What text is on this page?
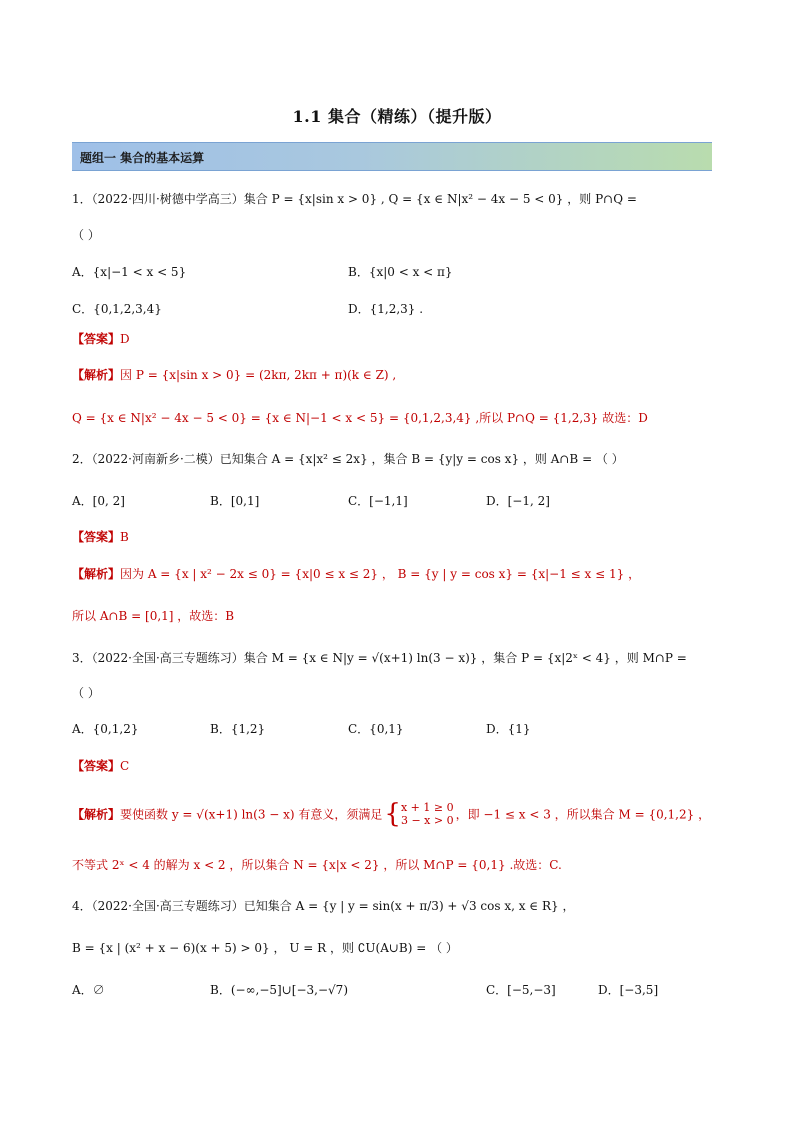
1.1 集合（精练）（提升版）
题组一 集合的基本运算
1．（2022·四川·树德中学高三）集合 P = {x|sin x > 0} , Q = {x ∈ N|x² − 4x − 5 < 0} ，则 P∩Q =
（ ）
A．{x|−1 < x < 5}	B．{x|0 < x < π}
C．{0,1,2,3,4}	D．{1,2,3} .
【答案】D
【解析】因 P = {x|sin x > 0} = (2kπ, 2kπ + π)(k ∈ Z) ,
Q = {x ∈ N|x² − 4x − 5 < 0} = {x ∈ N|−1 < x < 5} = {0,1,2,3,4} ,所以 P∩Q = {1,2,3} 故选：D
2．（2022·河南新乡·二模）已知集合 A = {x|x² ≤ 2x} ，集合 B = {y|y = cos x} ，则 A∩B = （ ）
A．[0, 2]	B．[0,1]	C．[−1,1]	D．[−1, 2]
【答案】B
【解析】因为 A = {x | x² − 2x ≤ 0} = {x|0 ≤ x ≤ 2} ， B = {y | y = cos x} = {x|−1 ≤ x ≤ 1} ，
所以 A∩B = [0,1] ，故选：B
3．（2022·全国·高三专题练习）集合 M = {x ∈ N|y = √(x+1) ln(3 − x)} ，集合 P = {x|2ˣ < 4} ，则 M∩P =
（ ）
A．{0,1,2}	B．{1,2}	C．{0,1}	D．{1}
【答案】C
【解析】要使函数 y = √(x+1) ln(3 − x) 有意义，须满足{ x + 1 ≥ 0
3 − x > 0 ，即 −1 ≤ x < 3 ，所以集合 M = {0,1,2} ，
不等式 2ˣ < 4 的解为 x < 2 ，所以集合 N = {x|x < 2} ，所以 M∩P = {0,1} .故选：C.
4．（2022·全国·高三专题练习）已知集合 A = {y | y = sin(x + π/3) + √3 cos x, x ∈ R} ，
B = {x | (x² + x − 6)(x + 5) > 0} ， U = R ，则 ∁U(A∪B) = （ ）
A．∅	B．(−∞,−5]∪[−3,−√7)	C．[−5,−3]	D．[−3,5]
